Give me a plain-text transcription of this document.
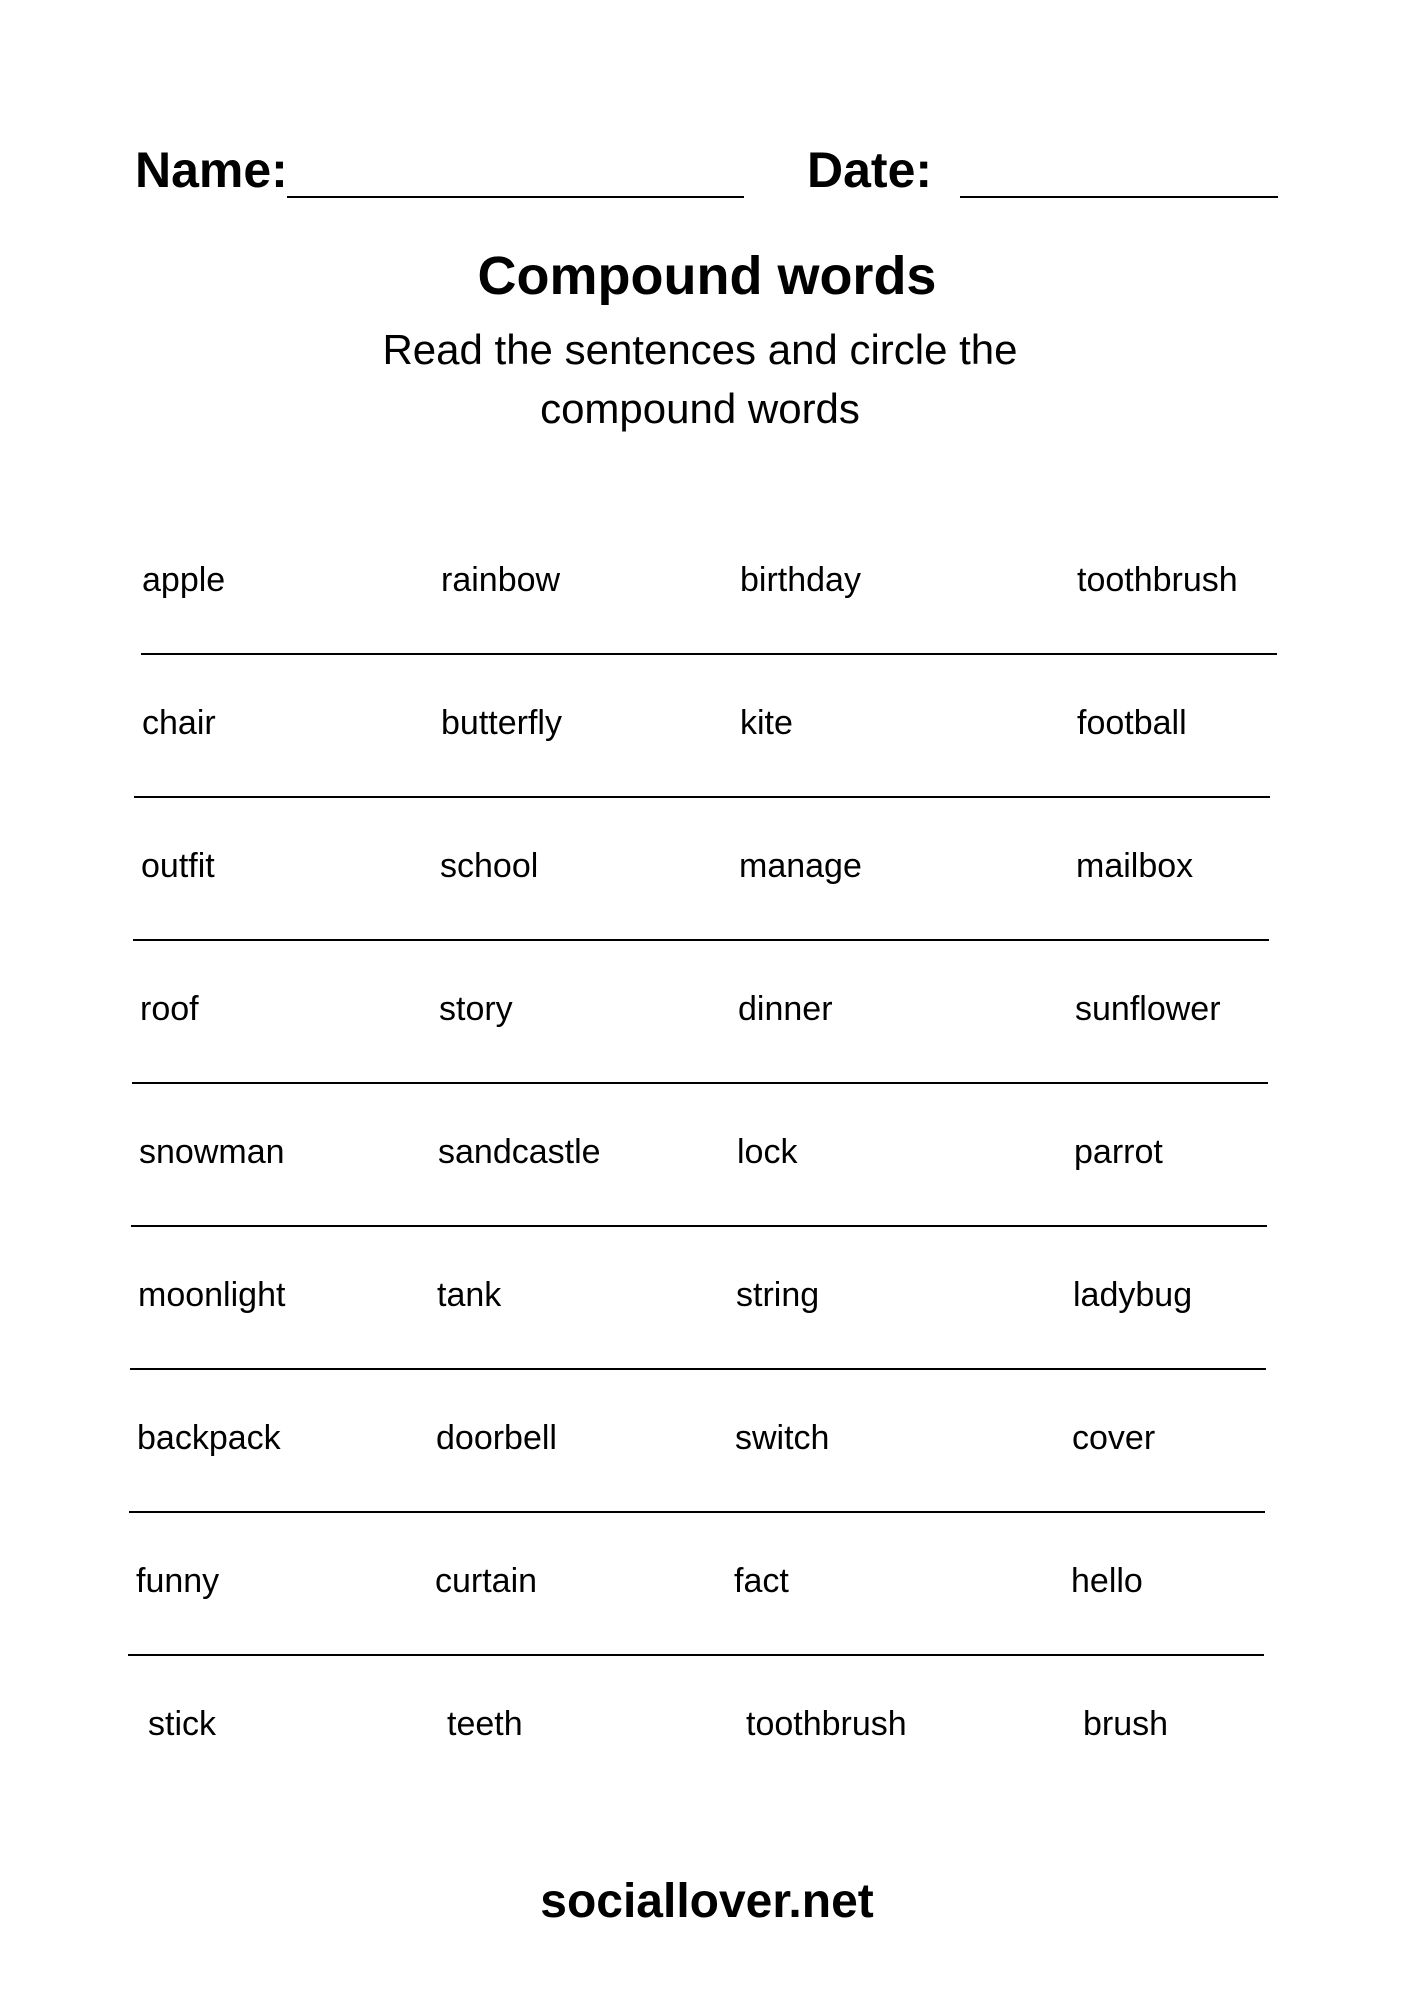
Name:	Date:
Compound words
Read the sentences and circle the
compound words
apple	rainbow	birthday	toothbrush
chair	butterfly	kite	football
outfit	school	manage	mailbox
roof	story	dinner	sunflower
snowman	sandcastle	lock	parrot
moonlight	tank	string	ladybug
backpack	doorbell	switch	cover
funny	curtain	fact	hello
stick	teeth	toothbrush	brush
sociallover.net
